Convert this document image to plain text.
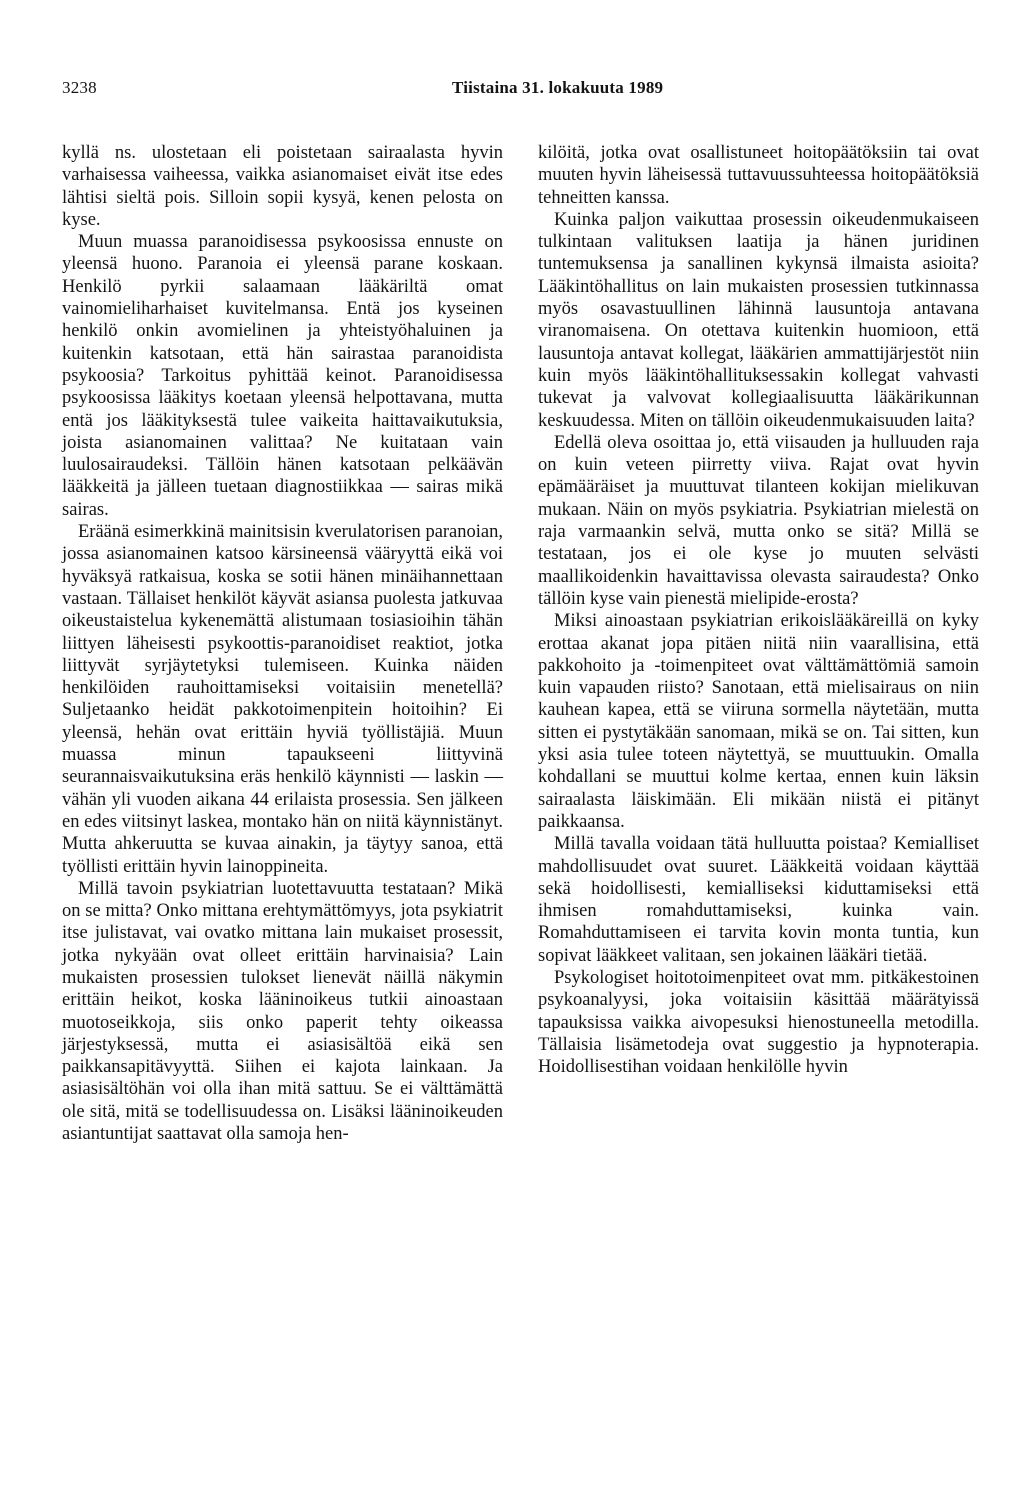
3238	Tiistaina 31. lokakuuta 1989

kyllä ns. ulostetaan eli poistetaan sairaalasta hyvin varhaisessa vaiheessa, vaikka asianomaiset eivät itse edes lähtisi sieltä pois. Silloin sopii kysyä, kenen pelosta on kyse.

Muun muassa paranoidisessa psykoosissa ennuste on yleensä huono. Paranoia ei yleensä parane koskaan. Henkilö pyrkii salaamaan lääkäriltä omat vainomieliharhaiset kuvitelmansa. Entä jos kyseinen henkilö onkin avomielinen ja yhteistyöhaluinen ja kuitenkin katsotaan, että hän sairastaa paranoidista psykoosia? Tarkoitus pyhittää keinot. Paranoidisessa psykoosissa lääkitys koetaan yleensä helpottavana, mutta entä jos lääkityksestä tulee vaikeita haittavaikutuksia, joista asianomainen valittaa? Ne kuitataan vain luulosairaudeksi. Tällöin hänen katsotaan pelkäävän lääkkeitä ja jälleen tuetaan diagnostiikkaa — sairas mikä sairas.

Eräänä esimerkkinä mainitsisin kverulatorisen paranoian, jossa asianomainen katsoo kärsineensä vääryyttä eikä voi hyväksyä ratkaisua, koska se sotii hänen minäihannettaan vastaan. Tällaiset henkilöt käyvät asiansa puolesta jatkuvaa oikeustaistelua kykenemättä alistumaan tosiasioihin tähän liittyen läheisesti psykoottis-paranoidiset reaktiot, jotka liittyvät syrjäytetyksi tulemiseen. Kuinka näiden henkilöiden rauhoittamiseksi voitaisiin menetellä? Suljetaanko heidät pakkotoimenpitein hoitoihin? Ei yleensä, hehän ovat erittäin hyviä työllistäjiä. Muun muassa minun tapaukseeni liittyvinä seurannaisvaikutuksina eräs henkilö käynnisti — laskin — vähän yli vuoden aikana 44 erilaista prosessia. Sen jälkeen en edes viitsinyt laskea, montako hän on niitä käynnistänyt. Mutta ahkeruutta se kuvaa ainakin, ja täytyy sanoa, että työllisti erittäin hyvin lainoppineita.

Millä tavoin psykiatrian luotettavuutta testataan? Mikä on se mitta? Onko mittana erehtymättömyys, jota psykiatrit itse julistavat, vai ovatko mittana lain mukaiset prosessit, jotka nykyään ovat olleet erittäin harvinaisia? Lain mukaisten prosessien tulokset lienevät näillä näkymin erittäin heikot, koska lääninoikeus tutkii ainoastaan muotoseikkoja, siis onko paperit tehty oikeassa järjestyksessä, mutta ei asiasisältöä eikä sen paikkansapitävyyttä. Siihen ei kajota lainkaan. Ja asiasisältöhän voi olla ihan mitä sattuu. Se ei välttämättä ole sitä, mitä se todellisuudessa on. Lisäksi lääninoikeuden asiantuntijat saattavat olla samoja hen-

kilöitä, jotka ovat osallistuneet hoitopäätöksiin tai ovat muuten hyvin läheisessä tuttavuussuhteessa hoitopäätöksiä tehneitten kanssa.

Kuinka paljon vaikuttaa prosessin oikeudenmukaiseen tulkintaan valituksen laatija ja hänen juridinen tuntemuksensa ja sanallinen kykynsä ilmaista asioita? Lääkintöhallitus on lain mukaisten prosessien tutkinnassa myös osavastuullinen lähinnä lausuntoja antavana viranomaisena. On otettava kuitenkin huomioon, että lausuntoja antavat kollegat, lääkärien ammattijärjestöt niin kuin myös lääkintöhallituksessakin kollegat vahvasti tukevat ja valvovat kollegiaalisuutta lääkärikunnan keskuudessa. Miten on tällöin oikeudenmukaisuuden laita?

Edellä oleva osoittaa jo, että viisauden ja hulluuden raja on kuin veteen piirretty viiva. Rajat ovat hyvin epämääräiset ja muuttuvat tilanteen kokijan mielikuvan mukaan. Näin on myös psykiatria. Psykiatrian mielestä on raja varmaankin selvä, mutta onko se sitä? Millä se testataan, jos ei ole kyse jo muuten selvästi maallikoidenkin havaittavissa olevasta sairaudesta? Onko tällöin kyse vain pienestä mielipide-erosta?

Miksi ainoastaan psykiatrian erikoislääkäreillä on kyky erottaa akanat jopa pitäen niitä niin vaarallisina, että pakkohoito ja -toimenpiteet ovat välttämättömiä samoin kuin vapauden riisto? Sanotaan, että mielisairaus on niin kauhean kapea, että se viiruna sormella näytetään, mutta sitten ei pystytäkään sanomaan, mikä se on. Tai sitten, kun yksi asia tulee toteen näytettyä, se muuttuukin. Omalla kohdallani se muuttui kolme kertaa, ennen kuin läksin sairaalasta läiskimään. Eli mikään niistä ei pitänyt paikkaansa.

Millä tavalla voidaan tätä hulluutta poistaa? Kemialliset mahdollisuudet ovat suuret. Lääkkeitä voidaan käyttää sekä hoidollisesti, kemialliseksi kiduttamiseksi että ihmisen romahduttamiseksi, kuinka vain. Romahduttamiseen ei tarvita kovin monta tuntia, kun sopivat lääkkeet valitaan, sen jokainen lääkäri tietää.

Psykologiset hoitotoimenpiteet ovat mm. pitkäkestoinen psykoanalyysi, joka voitaisiin käsittää määrätyissä tapauksissa vaikka aivopesuksi hienostuneella metodilla. Tällaisia lisämetodeja ovat suggestio ja hypnoterapia. Hoidollisestihan voidaan henkilölle hyvin
